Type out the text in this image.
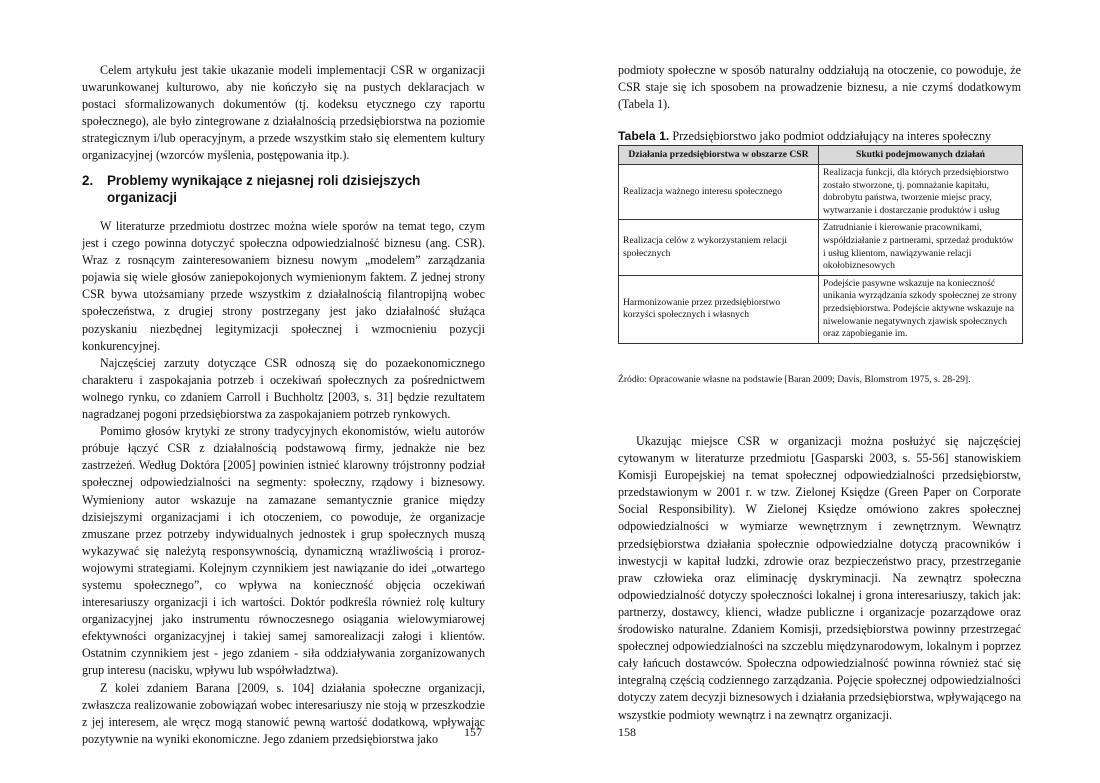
Celem artykułu jest takie ukazanie modeli implementacji CSR w organizacji uwarunkowanej kulturowo, aby nie kończyło się na pustych deklaracjach w postaci sformalizowanych dokumentów (tj. kodeksu etycznego czy raportu społecznego), ale było zintegrowane z działalnością przedsiębiorstwa na poziomie strategicznym i/lub operacyjnym, a przede wszystkim stało się elementem kultury organizacyjnej (wzorców myślenia, postępowania itp.).

2. Problemy wynikające z niejasnej roli dzisiejszych organizacji

W literaturze przedmiotu dostrzec można wiele sporów na temat tego, czym jest i czego powinna dotyczyć społeczna odpowiedzialność biznesu (ang. CSR). Wraz z rosnącym zainteresowaniem biznesu nowym „modelem” zarządzania pojawia się wiele głosów zaniepokojonych wymienionym faktem. Z jednej strony CSR bywa utożsamiany przede wszystkim z działalnością filantropijną wobec społeczeństwa, z drugiej strony postrzegany jest jako działalność służąca pozyskaniu niezbędnej legitymizacji społecznej i wzmocnieniu pozycji konkurencyjnej.

Najczęściej zarzuty dotyczące CSR odnoszą się do pozaekonomicznego charakteru i zaspokajania potrzeb i oczekiwań społecznych za pośrednictwem wolnego rynku, co zdaniem Carroll i Buchholtz [2003, s. 31] będzie rezultatem nagradzanej pogoni przedsiębiorstwa za zaspokajaniem potrzeb rynkowych.

Pomimo głosów krytyki ze strony tradycyjnych ekonomistów, wielu autorów próbuje łączyć CSR z działalnością podstawową firmy, jednakże nie bez zastrzeżeń. Według Doktóra [2005] powinien istnieć klarowny trójstronny podział społecznej odpowiedzialności na segmenty: społeczny, rządowy i biznesowy. Wymieniony autor wskazuje na zamazane semantycznie granice między dzisiejszymi organizacjami i ich otoczeniem, co powoduje, że organizacje zmuszane przez potrzeby indywidualnych jednostek i grup społecznych muszą wykazywać się należytą responsywnością, dynamiczną wrażliwością i prorozwojowymi strategiami. Kolejnym czynnikiem jest nawiązanie do idei „otwartego systemu społecznego”, co wpływa na konieczność objęcia oczekiwań interesariuszy organizacji i ich wartości. Doktór podkreśla również rolę kultury organizacyjnej jako instrumentu równoczesnego osiągania wielowymiarowej efektywności organizacyjnej i takiej samej samorealizacji załogi i klientów. Ostatnim czynnikiem jest - jego zdaniem - siła oddziaływania zorganizowanych grup interesu (nacisku, wpływu lub współwładztwa).

Z kolei zdaniem Barana [2009, s. 104] działania społeczne organizacji, zwłaszcza realizowanie zobowiązań wobec interesariuszy nie stoją w przeszkodzie z jej interesem, ale wręcz mogą stanowić pewną wartość dodatkową, wpływając pozytywnie na wyniki ekonomiczne. Jego zdaniem przedsiębiorstwa jako	157

podmioty społeczne w sposób naturalny oddziałują na otoczenie, co powoduje, że CSR staje się ich sposobem na prowadzenie biznesu, a nie czymś dodatkowym (Tabela 1).

Tabela 1. Przedsiębiorstwo jako podmiot oddziałujący na interes społeczny
Działania przedsiębiorstwa w obszarze CSR	Skutki podejmowanych działań
Realizacja ważnego interesu społecznego	Realizacja funkcji, dla których przedsiębiorstwo zostało stworzone, tj. pomnażanie kapitału, dobrobytu państwa, tworzenie miejsc pracy, wytwarzanie i dostarczanie produktów i usług
Realizacja celów z wykorzystaniem relacji społecznych	Zatrudnianie i kierowanie pracownikami, współdziałanie z partnerami, sprzedaż produktów i usług klientom, nawiązywanie relacji okołobiznesowych
Harmonizowanie przez przedsiębiorstwo korzyści społecznych i własnych	Podejście pasywne wskazuje na konieczność unikania wyrządzania szkody społecznej ze strony przedsiębiorstwa. Podejście aktywne wskazuje na niwelowanie negatywnych zjawisk społecznych oraz zapobieganie im.
Źródło: Opracowanie własne na podstawie [Baran 2009; Davis, Blomstrom 1975, s. 28-29].

Ukazując miejsce CSR w organizacji można posłużyć się najczęściej cytowanym w literaturze przedmiotu [Gasparski 2003, s. 55-56] stanowiskiem Komisji Europejskiej na temat społecznej odpowiedzialności przedsiębiorstw, przedstawionym w 2001 r. w tzw. Zielonej Księdze (Green Paper on Corporate Social Responsibility). W Zielonej Księdze omówiono zakres społecznej odpowiedzialności w wymiarze wewnętrznym i zewnętrznym. Wewnątrz przedsiębiorstwa działania społecznie odpowiedzialne dotyczą pracowników i inwestycji w kapitał ludzki, zdrowie oraz bezpieczeństwo pracy, przestrzeganie praw człowieka oraz eliminację dyskryminacji. Na zewnątrz społeczna odpowiedzialność dotyczy społeczności lokalnej i grona interesariuszy, takich jak: partnerzy, dostawcy, klienci, władze publiczne i organizacje pozarządowe oraz środowisko naturalne. Zdaniem Komisji, przedsiębiorstwa powinny przestrzegać społecznej odpowiedzialności na szczeblu międzynarodowym, lokalnym i poprzez cały łańcuch dostawców. Społeczna odpowiedzialność powinna również stać się integralną częścią codziennego zarządzania. Pojęcie społecznej odpowiedzialności dotyczy zatem decyzji biznesowych i działania przedsiębiorstwa, wpływającego na wszystkie podmioty wewnątrz i na zewnątrz organizacji.

158
